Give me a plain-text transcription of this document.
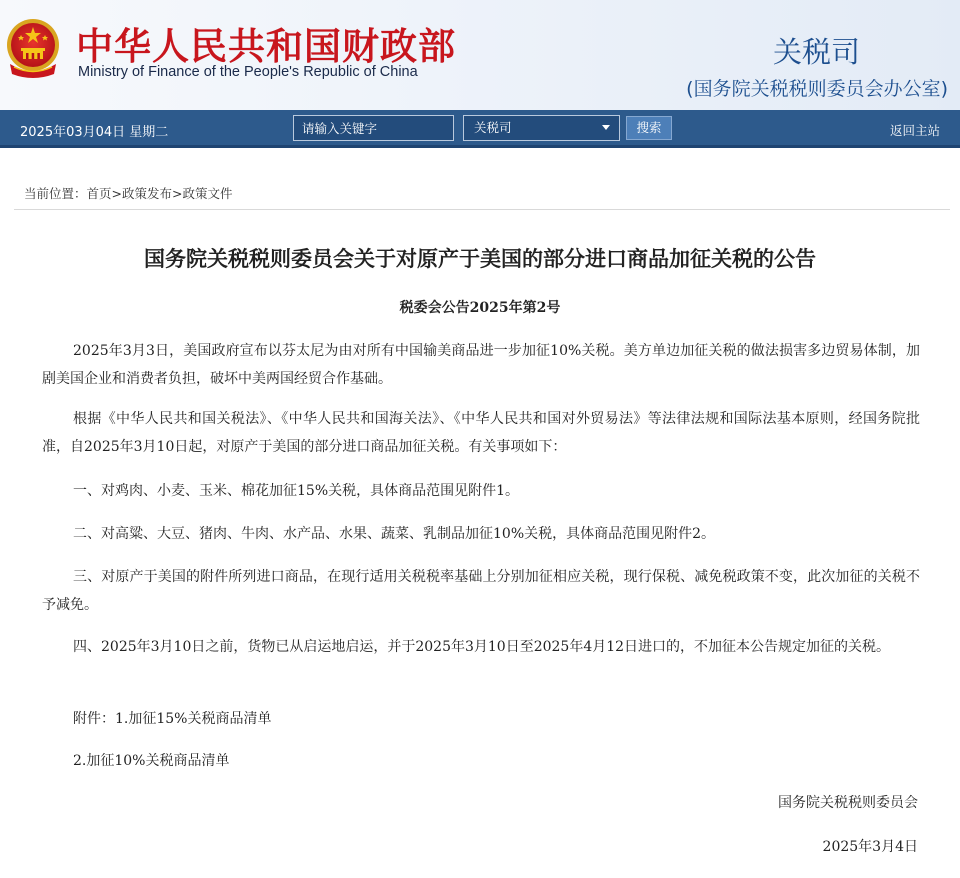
中华人民共和国财政部
Ministry of Finance of the People's Republic of China
关税司
(国务院关税税则委员会办公室)
2025年03月04日 星期二
请输入关键字	关税司	搜索	返回主站
当前位置：首页>政策发布>政策文件
国务院关税税则委员会关于对原产于美国的部分进口商品加征关税的公告
税委会公告2025年第2号

2025年3月3日，美国政府宣布以芬太尼为由对所有中国输美商品进一步加征10%关税。美方单边加征关税的做法损害多边贸易体制，加剧美国企业和消费者负担，破坏中美两国经贸合作基础。

根据《中华人民共和国关税法》、《中华人民共和国海关法》、《中华人民共和国对外贸易法》等法律法规和国际法基本原则，经国务院批准，自2025年3月10日起，对原产于美国的部分进口商品加征关税。有关事项如下：

一、对鸡肉、小麦、玉米、棉花加征15%关税，具体商品范围见附件1。

二、对高粱、大豆、猪肉、牛肉、水产品、水果、蔬菜、乳制品加征10%关税，具体商品范围见附件2。

三、对原产于美国的附件所列进口商品，在现行适用关税税率基础上分别加征相应关税，现行保税、减免税政策不变，此次加征的关税不予减免。

四、2025年3月10日之前，货物已从启运地启运，并于2025年3月10日至2025年4月12日进口的，不加征本公告规定加征的关税。

附件：1.加征15%关税商品清单

2.加征10%关税商品清单

国务院关税税则委员会
2025年3月4日
